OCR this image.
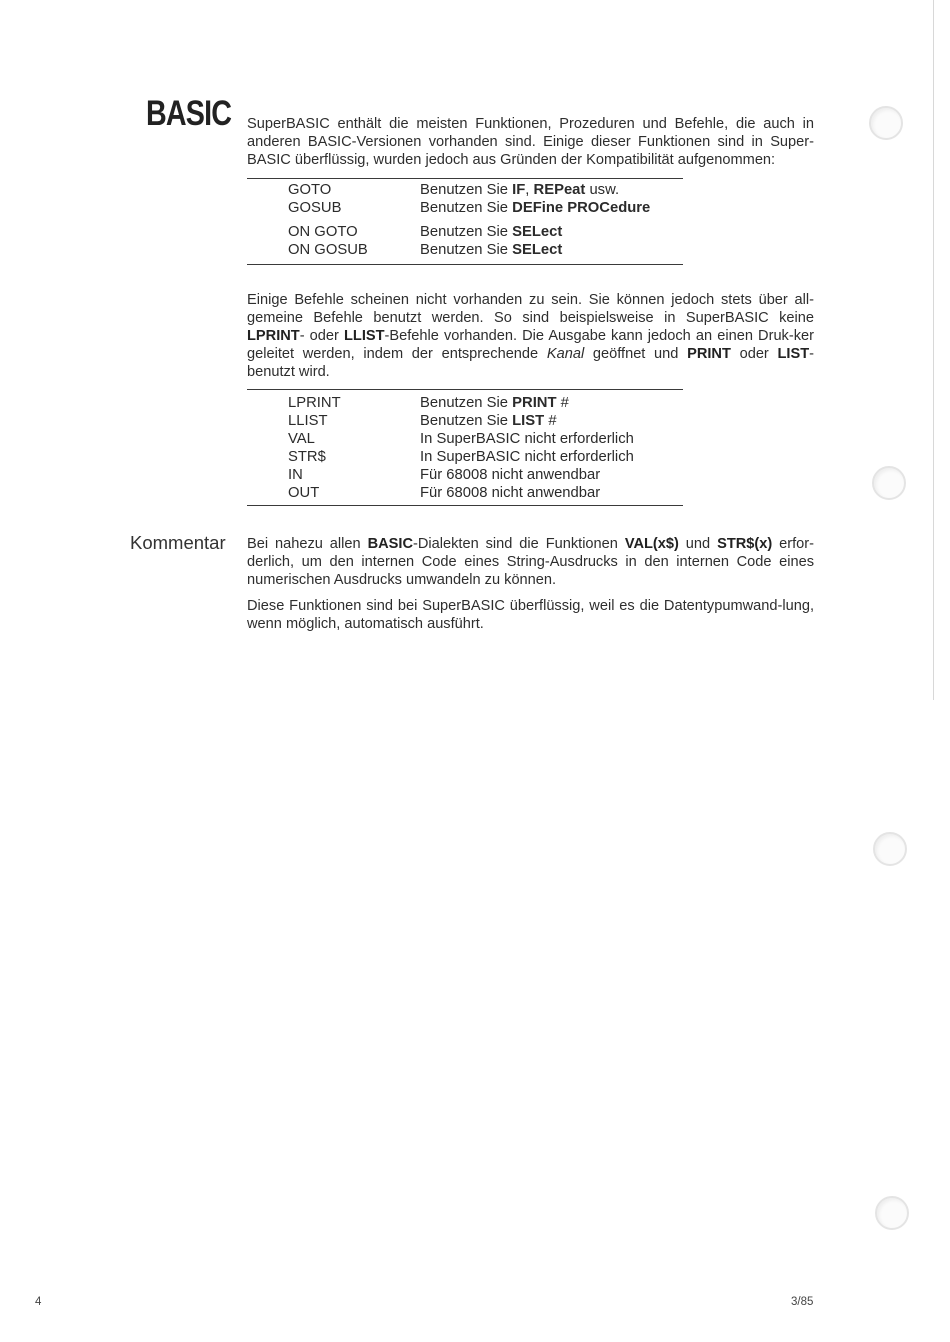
BASIC SuperBASIC enthält die meisten Funktionen, Prozeduren und Befehle, die auch in anderen BASIC-Versionen vorhanden sind. Einige dieser Funktionen sind in Super-BASIC überflüssig, wurden jedoch aus Gründen der Kompatibilität aufgenommen:
GOTO	Benutzen Sie IF, REPeat usw.
GOSUB	Benutzen Sie DEFine PROCedure
ON GOTO	Benutzen Sie SELect
ON GOSUB	Benutzen Sie SELect
Einige Befehle scheinen nicht vorhanden zu sein. Sie können jedoch stets über all-gemeine Befehle benutzt werden. So sind beispielsweise in SuperBASIC keine LPRINT- oder LLIST-Befehle vorhanden. Die Ausgabe kann jedoch an einen Druk-ker geleitet werden, indem der entsprechende Kanal geöffnet und PRINT oder LIST-benutzt wird.
LPRINT	Benutzen Sie PRINT #
LLIST	Benutzen Sie LIST #
VAL	In SuperBASIC nicht erforderlich
STR$	In SuperBASIC nicht erforderlich
IN	Für 68008 nicht anwendbar
OUT	Für 68008 nicht anwendbar
Kommentar Bei nahezu allen BASIC-Dialekten sind die Funktionen VAL(x$) und STR$(x) erfor-derlich, um den internen Code eines String-Ausdrucks in den internen Code eines numerischen Ausdrucks umwandeln zu können.
Diese Funktionen sind bei SuperBASIC überflüssig, weil es die Datentypumwand-lung, wenn möglich, automatisch ausführt.
4	3/85
